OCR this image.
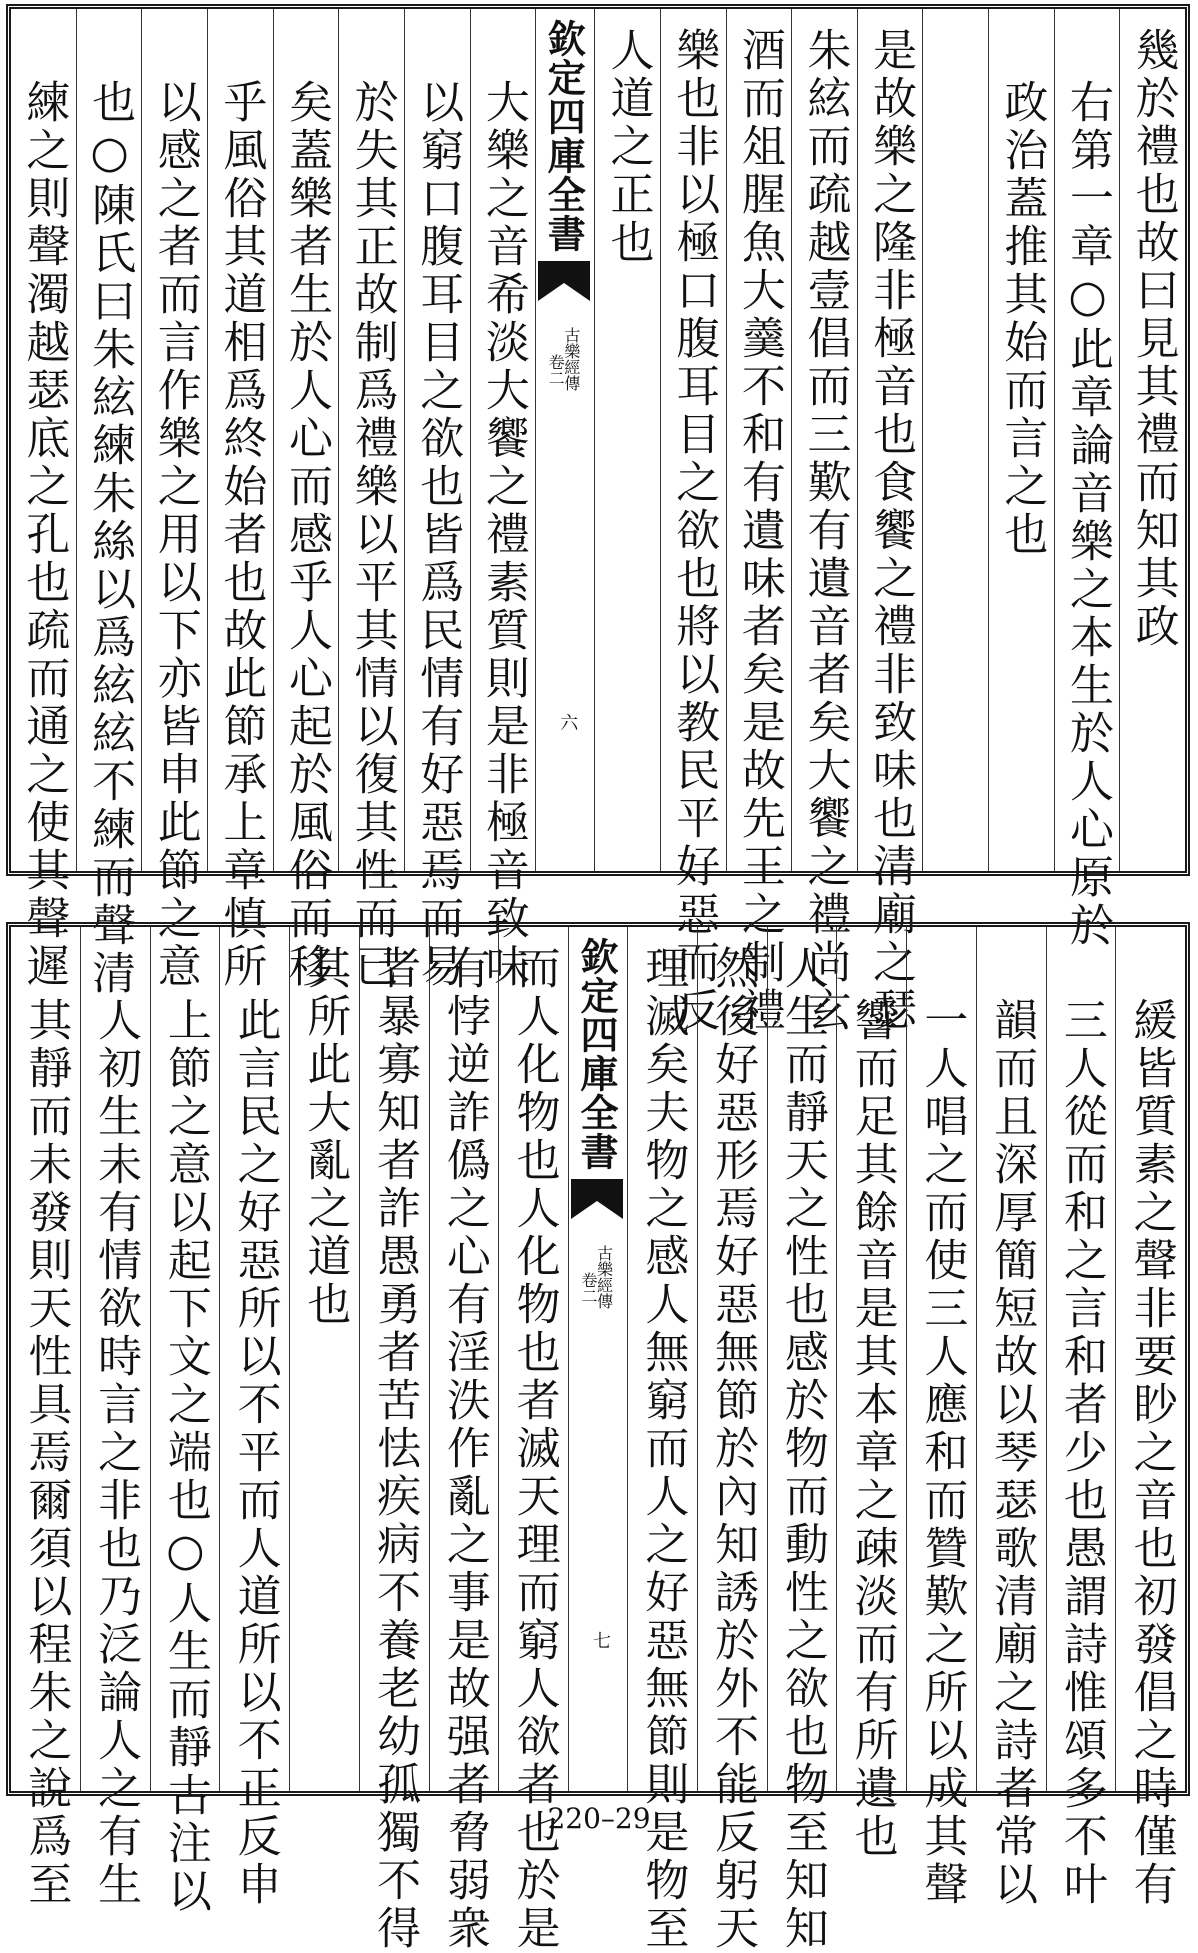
幾於禮也故曰見其禮而知其政
右第一章○此章論音樂之本生於人心原於
政治蓋推其始而言之也
是故樂之隆非極音也食饗之禮非致味也清廟之瑟
朱絃而疏越壹倡而三歎有遺音者矣大饗之禮尚玄
酒而俎腥魚大羹不和有遺味者矣是故先王之制禮
樂也非以極口腹耳目之欲也將以教民平好惡而反
人道之正也
欽定四庫全書
古樂經傳
卷二
六
大樂之音希淡大饗之禮素質則是非極音致味
以窮口腹耳目之欲也皆爲民情有好惡焉而易
於失其正故制爲禮樂以平其情以復其性而已
矣蓋樂者生於人心而感乎人心起於風俗而移
乎風俗其道相爲終始者也故此節承上章慎所
以感之者而言作樂之用以下亦皆申此節之意
也○陳氏曰朱絃練朱絲以爲絃絃不練而聲清
練之則聲濁越瑟底之孔也疏而通之使其聲遲
緩皆質素之聲非要眇之音也初發倡之時僅有
三人從而和之言和者少也愚謂詩惟頌多不叶
韻而且深厚簡短故以琴瑟歌清廟之詩者常以
一人唱之而使三人應和而贊歎之所以成其聲
響而足其餘音是其本章之疎淡而有所遺也
人生而靜天之性也感於物而動性之欲也物至知知
然後好惡形焉好惡無節於內知誘於外不能反躬天
理滅矣夫物之感人無窮而人之好惡無節則是物至
欽定四庫全書
古樂經傳
卷二
七
而人化物也人化物也者滅天理而窮人欲者也於是
有悖逆詐僞之心有淫泆作亂之事是故强者脅弱衆
者暴寡知者詐愚勇者苦怯疾病不養老幼孤獨不得
其所此大亂之道也
此言民之好惡所以不平而人道所以不正反申
上節之意以起下文之端也○人生而靜古注以
人初生未有情欲時言之非也乃泛論人之有生
其靜而未發則天性具焉爾須以程朱之說爲至	220–29
